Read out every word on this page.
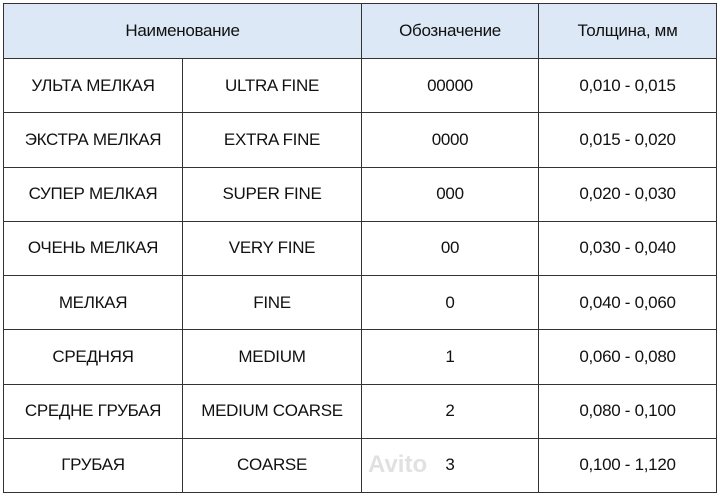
Наименование		Обозначение	Толщина, мм
УЛЬТА МЕЛКАЯ	ULTRA FINE	00000	0,010 - 0,015
ЭКСТРА МЕЛКАЯ	EXTRA FINE	0000	0,015 - 0,020
СУПЕР МЕЛКАЯ	SUPER FINE	000	0,020 - 0,030
ОЧЕНЬ МЕЛКАЯ	VERY FINE	00	0,030 - 0,040
МЕЛКАЯ	FINE	0	0,040 - 0,060
СРЕДНЯЯ	MEDIUM	1	0,060 - 0,080
СРЕДНЕ ГРУБАЯ	MEDIUM COARSE	2	0,080 - 0,100
ГРУБАЯ	COARSE	3	0,100 - 1,120
Avito
